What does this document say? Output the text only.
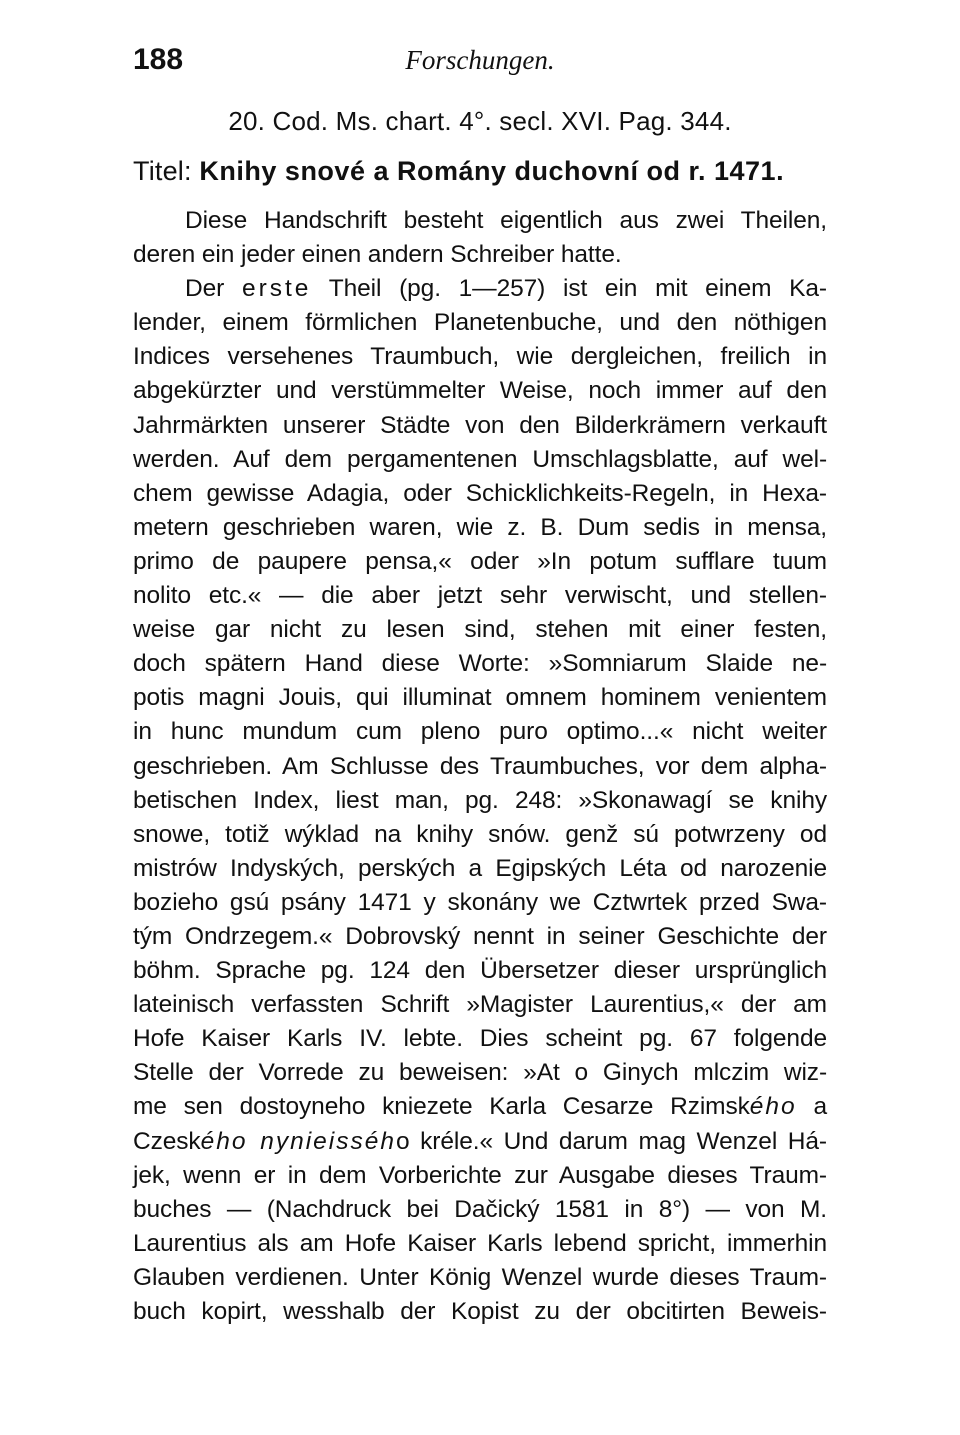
188	Forschungen.
20. Cod. Ms. chart. 4°. secl. XVI. Pag. 344.
Titel: Knihy snové a Romány duchovní od r. 1471.
Diese Handschrift besteht eigentlich aus zwei Theilen,
deren ein jeder einen andern Schreiber hatte.
Der erste Theil (pg. 1—257) ist ein mit einem Ka-
lender, einem förmlichen Planetenbuche, und den nöthigen
Indices versehenes Traumbuch, wie dergleichen, freilich in
abgekürzter und verstümmelter Weise, noch immer auf den
Jahrmärkten unserer Städte von den Bilderkrämern verkauft
werden. Auf dem pergamentenen Umschlagsblatte, auf wel-
chem gewisse Adagia, oder Schicklichkeits-Regeln, in Hexa-
metern geschrieben waren, wie z. B. Dum sedis in mensa,
primo de paupere pensa,« oder »In potum sufflare tuum
nolito etc.« — die aber jetzt sehr verwischt, und stellen-
weise gar nicht zu lesen sind, stehen mit einer festen,
doch spätern Hand diese Worte: »Somniarum Slaide ne-
potis magni Jouis, qui illuminat omnem hominem venientem
in hunc mundum cum pleno puro optimo...« nicht weiter
geschrieben. Am Schlusse des Traumbuches, vor dem alpha-
betischen Index, liest man, pg. 248: »Skonawagí se knihy
snowe, totiž wýklad na knihy snów. genž sú potwrzeny od
mistrów Indyských, perských a Egipských Léta od narozenie
bozieho gsú psány 1471 y skonány we Cztwrtek przed Swa-
tým Ondrzegem.« Dobrovský nennt in seiner Geschichte der
böhm. Sprache pg. 124 den Übersetzer dieser ursprünglich
lateinisch verfassten Schrift »Magister Laurentius,« der am
Hofe Kaiser Karls IV. lebte. Dies scheint pg. 67 folgende
Stelle der Vorrede zu beweisen: »At o Ginych mlczim wiz-
me sen dostoyneho kniezete Karla Cesarze Rzimského a
Czeského nynieissého kréle.« Und darum mag Wenzel Há-
jek, wenn er in dem Vorberichte zur Ausgabe dieses Traum-
buches — (Nachdruck bei Dačický 1581 in 8°) — von M.
Laurentius als am Hofe Kaiser Karls lebend spricht, immerhin
Glauben verdienen. Unter König Wenzel wurde dieses Traum-
buch kopirt, wesshalb der Kopist zu der obcitirten Beweis-
